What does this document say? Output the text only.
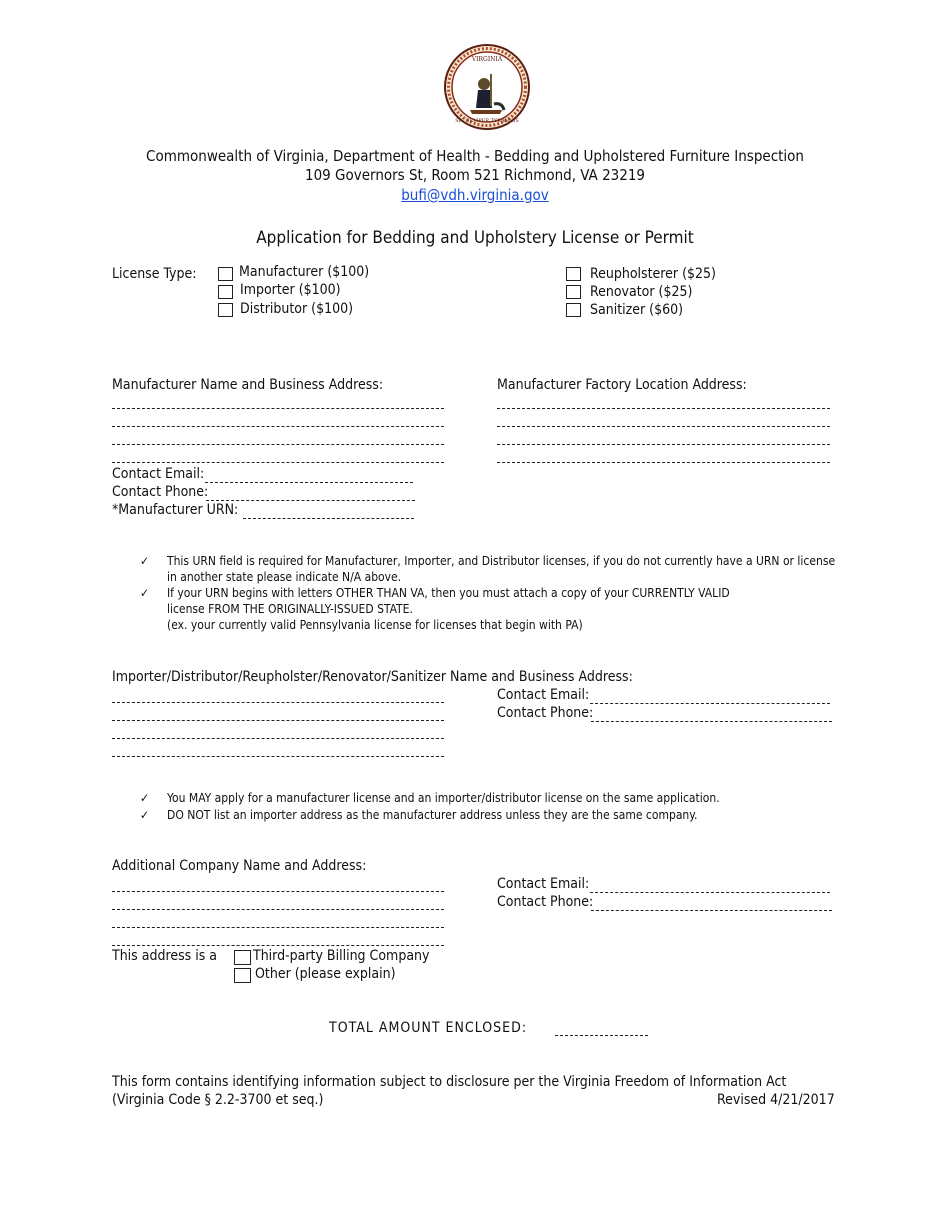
VIRGINIA
SIC SEMPER TYRANNIS
Commonwealth of Virginia, Department of Health - Bedding and Upholstered Furniture Inspection
109 Governors St, Room 521 Richmond, VA 23219
bufi@vdh.virginia.gov
Application for Bedding and Upholstery License or Permit
License Type:	Manufacturer ($100)
Importer ($100)
Distributor ($100)
Reupholsterer ($25)
Renovator ($25)
Sanitizer ($60)
Manufacturer Name and Business Address:	Manufacturer Factory Location Address:
Contact Email:
Contact Phone:
*Manufacturer URN:
✓ This URN field is required for Manufacturer, Importer, and Distributor licenses, if you do not currently have a URN or license
in another state please indicate N/A above.
✓ If your URN begins with letters OTHER THAN VA, then you must attach a copy of your CURRENTLY VALID
license FROM THE ORIGINALLY-ISSUED STATE.
(ex. your currently valid Pennsylvania license for licenses that begin with PA)
Importer/Distributor/Reupholster/Renovator/Sanitizer Name and Business Address:
Contact Email:
Contact Phone:
✓ You MAY apply for a manufacturer license and an importer/distributor license on the same application.
✓ DO NOT list an importer address as the manufacturer address unless they are the same company.
Additional Company Name and Address:
Contact Email:
Contact Phone:
This address is a	Third-party Billing Company
Other (please explain)
TOTAL AMOUNT ENCLOSED:
This form contains identifying information subject to disclosure per the Virginia Freedom of Information Act
(Virginia Code § 2.2-3700 et seq.)	Revised 4/21/2017
